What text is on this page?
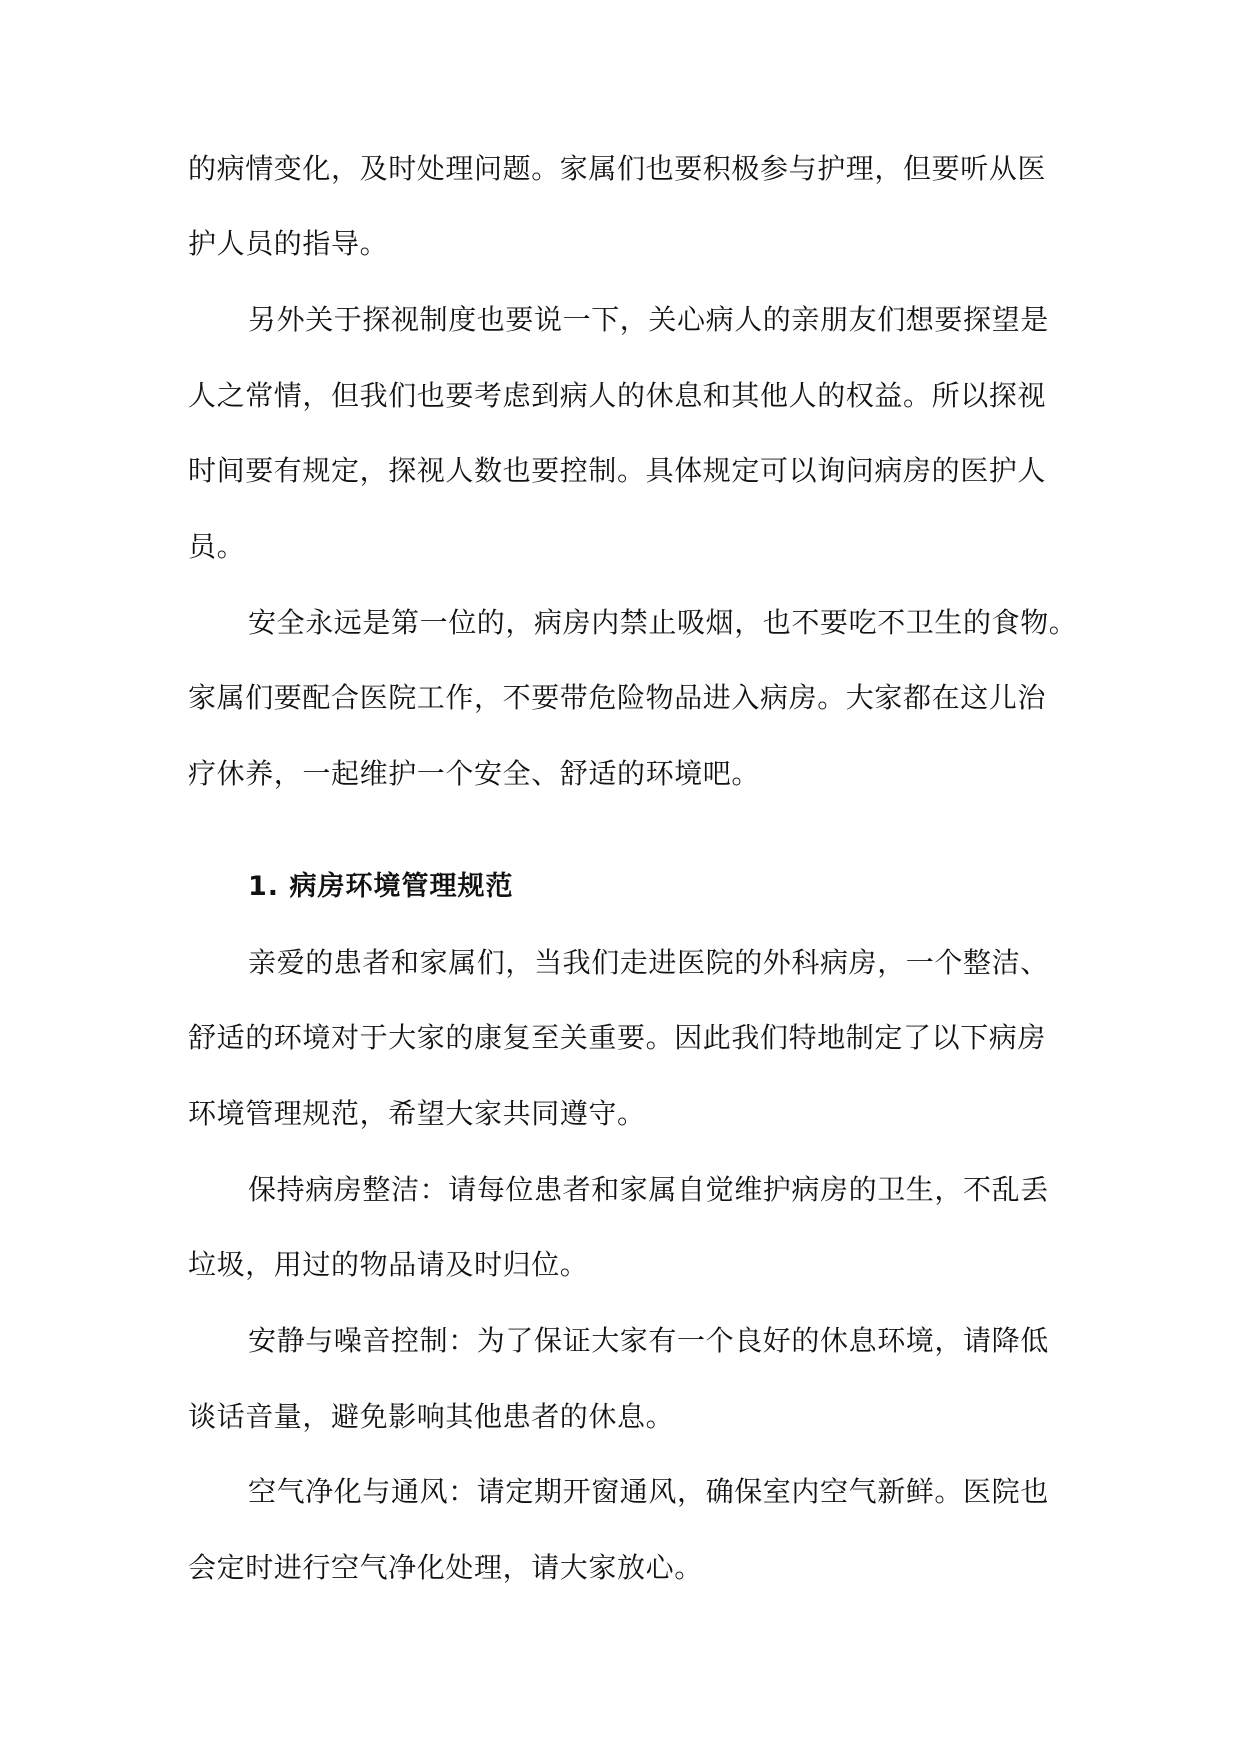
的病情变化，及时处理问题。家属们也要积极参与护理，但要听从医
护人员的指导。
另外关于探视制度也要说一下，关心病人的亲朋友们想要探望是
人之常情，但我们也要考虑到病人的休息和其他人的权益。所以探视
时间要有规定，探视人数也要控制。具体规定可以询问病房的医护人
员。
安全永远是第一位的，病房内禁止吸烟，也不要吃不卫生的食物。
家属们要配合医院工作，不要带危险物品进入病房。大家都在这儿治
疗休养，一起维护一个安全、舒适的环境吧。
1. 病房环境管理规范
亲爱的患者和家属们，当我们走进医院的外科病房，一个整洁、
舒适的环境对于大家的康复至关重要。因此我们特地制定了以下病房
环境管理规范，希望大家共同遵守。
保持病房整洁：请每位患者和家属自觉维护病房的卫生，不乱丢
垃圾，用过的物品请及时归位。
安静与噪音控制：为了保证大家有一个良好的休息环境，请降低
谈话音量，避免影响其他患者的休息。
空气净化与通风：请定期开窗通风，确保室内空气新鲜。医院也
会定时进行空气净化处理，请大家放心。
